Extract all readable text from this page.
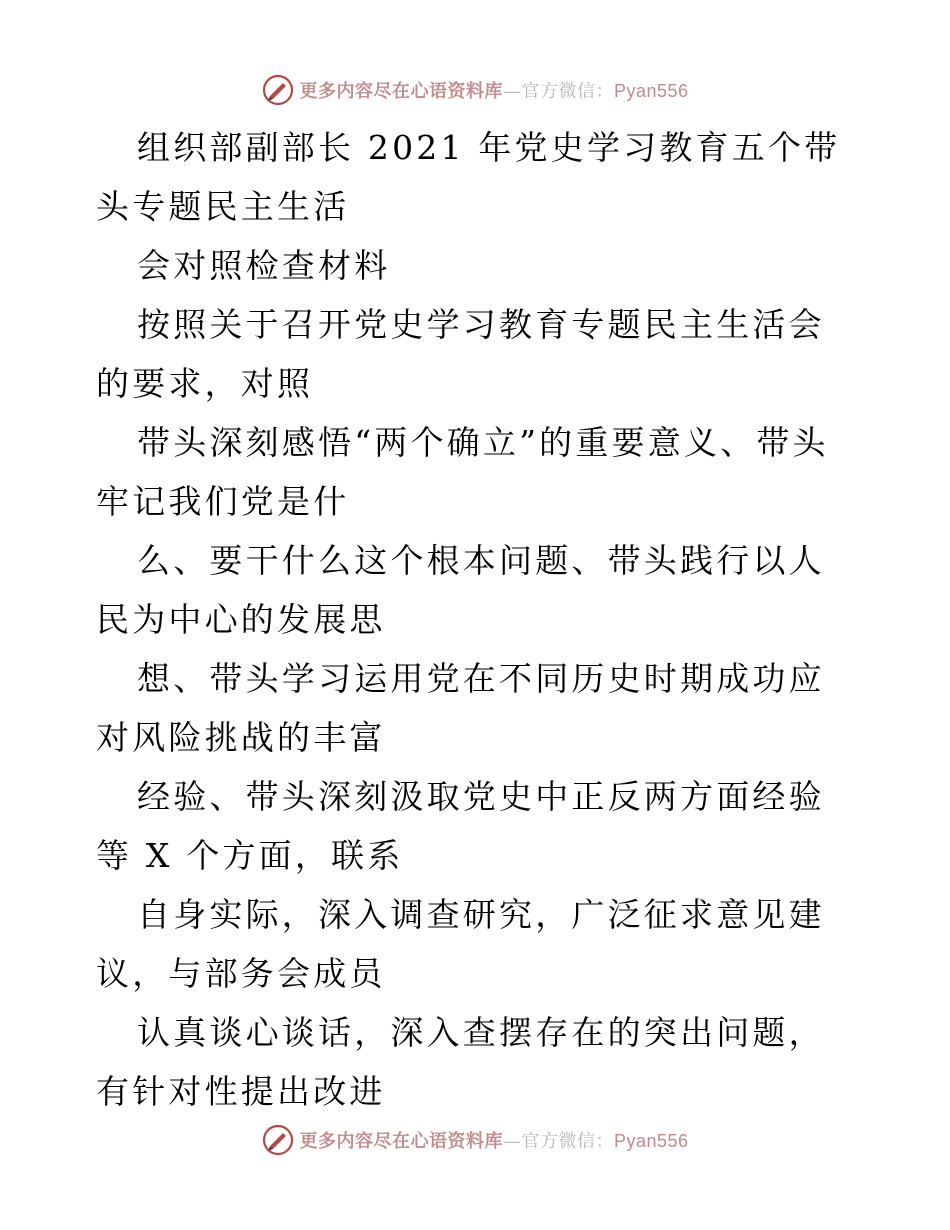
更多内容尽在心语资料库—官方微信：Pyan556

组织部副部长 2021 年党史学习教育五个带头专题民主生活

会对照检查材料

按照关于召开党史学习教育专题民主生活会的要求，对照

带头深刻感悟“两个确立”的重要意义、带头牢记我们党是什

么、要干什么这个根本问题、带头践行以人民为中心的发展思

想、带头学习运用党在不同历史时期成功应对风险挑战的丰富

经验、带头深刻汲取党史中正反两方面经验等 X 个方面，联系

自身实际，深入调查研究，广泛征求意见建议，与部务会成员

认真谈心谈话，深入查摆存在的突出问题，有针对性提出改进

更多内容尽在心语资料库—官方微信：Pyan556
